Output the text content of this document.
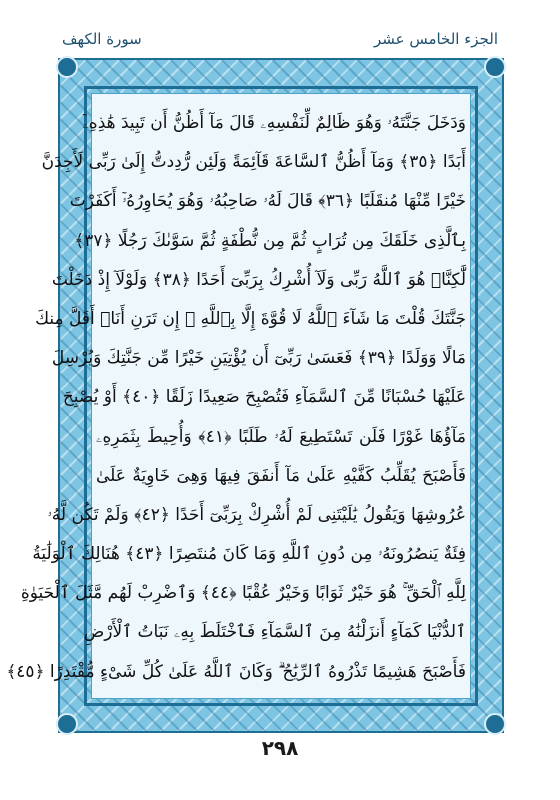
سورة الكهف	الجزء الخامس عشر
وَدَخَلَ جَنَّتَهُۥ وَهُوَ ظَالِمٌ لِّنَفْسِهِۦ قَالَ مَآ أَظُنُّ أَن تَبِيدَ هَٰذِهِۦٓ
أَبَدًا ﴿٣٥﴾ وَمَآ أَظُنُّ ٱلسَّاعَةَ قَآئِمَةً وَلَئِن رُّدِدتُّ إِلَىٰ رَبِّى لَأَجِدَنَّ
خَيْرًا مِّنْهَا مُنقَلَبًا ﴿٣٦﴾ قَالَ لَهُۥ صَاحِبُهُۥ وَهُوَ يُحَاوِرُهُۥٓ أَكَفَرْتَ
بِٱلَّذِى خَلَقَكَ مِن تُرَابٍ ثُمَّ مِن نُّطْفَةٍ ثُمَّ سَوَّىٰكَ رَجُلًا ﴿٣٧﴾
لَّٰكِنَّا۠ هُوَ ٱللَّهُ رَبِّى وَلَآ أُشْرِكُ بِرَبِّىٓ أَحَدًا ﴿٣٨﴾ وَلَوْلَآ إِذْ دَخَلْتَ
جَنَّتَكَ قُلْتَ مَا شَآءَ ٱللَّهُ لَا قُوَّةَ إِلَّا بِٱللَّهِ ۚ إِن تَرَنِ أَنَا۠ أَقَلَّ مِنكَ
مَالًا وَوَلَدًا ﴿٣٩﴾ فَعَسَىٰ رَبِّىٓ أَن يُؤْتِيَنِ خَيْرًا مِّن جَنَّتِكَ وَيُرْسِلَ
عَلَيْهَا حُسْبَانًا مِّنَ ٱلسَّمَآءِ فَتُصْبِحَ صَعِيدًا زَلَقًا ﴿٤٠﴾ أَوْ يُصْبِحَ
مَآؤُهَا غَوْرًا فَلَن تَسْتَطِيعَ لَهُۥ طَلَبًا ﴿٤١﴾ وَأُحِيطَ بِثَمَرِهِۦ
فَأَصْبَحَ يُقَلِّبُ كَفَّيْهِ عَلَىٰ مَآ أَنفَقَ فِيهَا وَهِىَ خَاوِيَةٌ عَلَىٰ
عُرُوشِهَا وَيَقُولُ يَٰلَيْتَنِى لَمْ أُشْرِكْ بِرَبِّىٓ أَحَدًا ﴿٤٢﴾ وَلَمْ تَكُن لَّهُۥ
فِئَةٌ يَنصُرُونَهُۥ مِن دُونِ ٱللَّهِ وَمَا كَانَ مُنتَصِرًا ﴿٤٣﴾ هُنَالِكَ ٱلْوَلَٰيَةُ
لِلَّهِ ٱلْحَقِّ ۚ هُوَ خَيْرٌ ثَوَابًا وَخَيْرٌ عُقْبًا ﴿٤٤﴾ وَٱضْرِبْ لَهُم مَّثَلَ ٱلْحَيَوٰةِ
ٱلدُّنْيَا كَمَآءٍ أَنزَلْنَٰهُ مِنَ ٱلسَّمَآءِ فَٱخْتَلَطَ بِهِۦ نَبَاتُ ٱلْأَرْضِ
فَأَصْبَحَ هَشِيمًا تَذْرُوهُ ٱلرِّيَٰحُ ۗ وَكَانَ ٱللَّهُ عَلَىٰ كُلِّ شَىْءٍ مُّقْتَدِرًا ﴿٤٥﴾
٢٩٨
